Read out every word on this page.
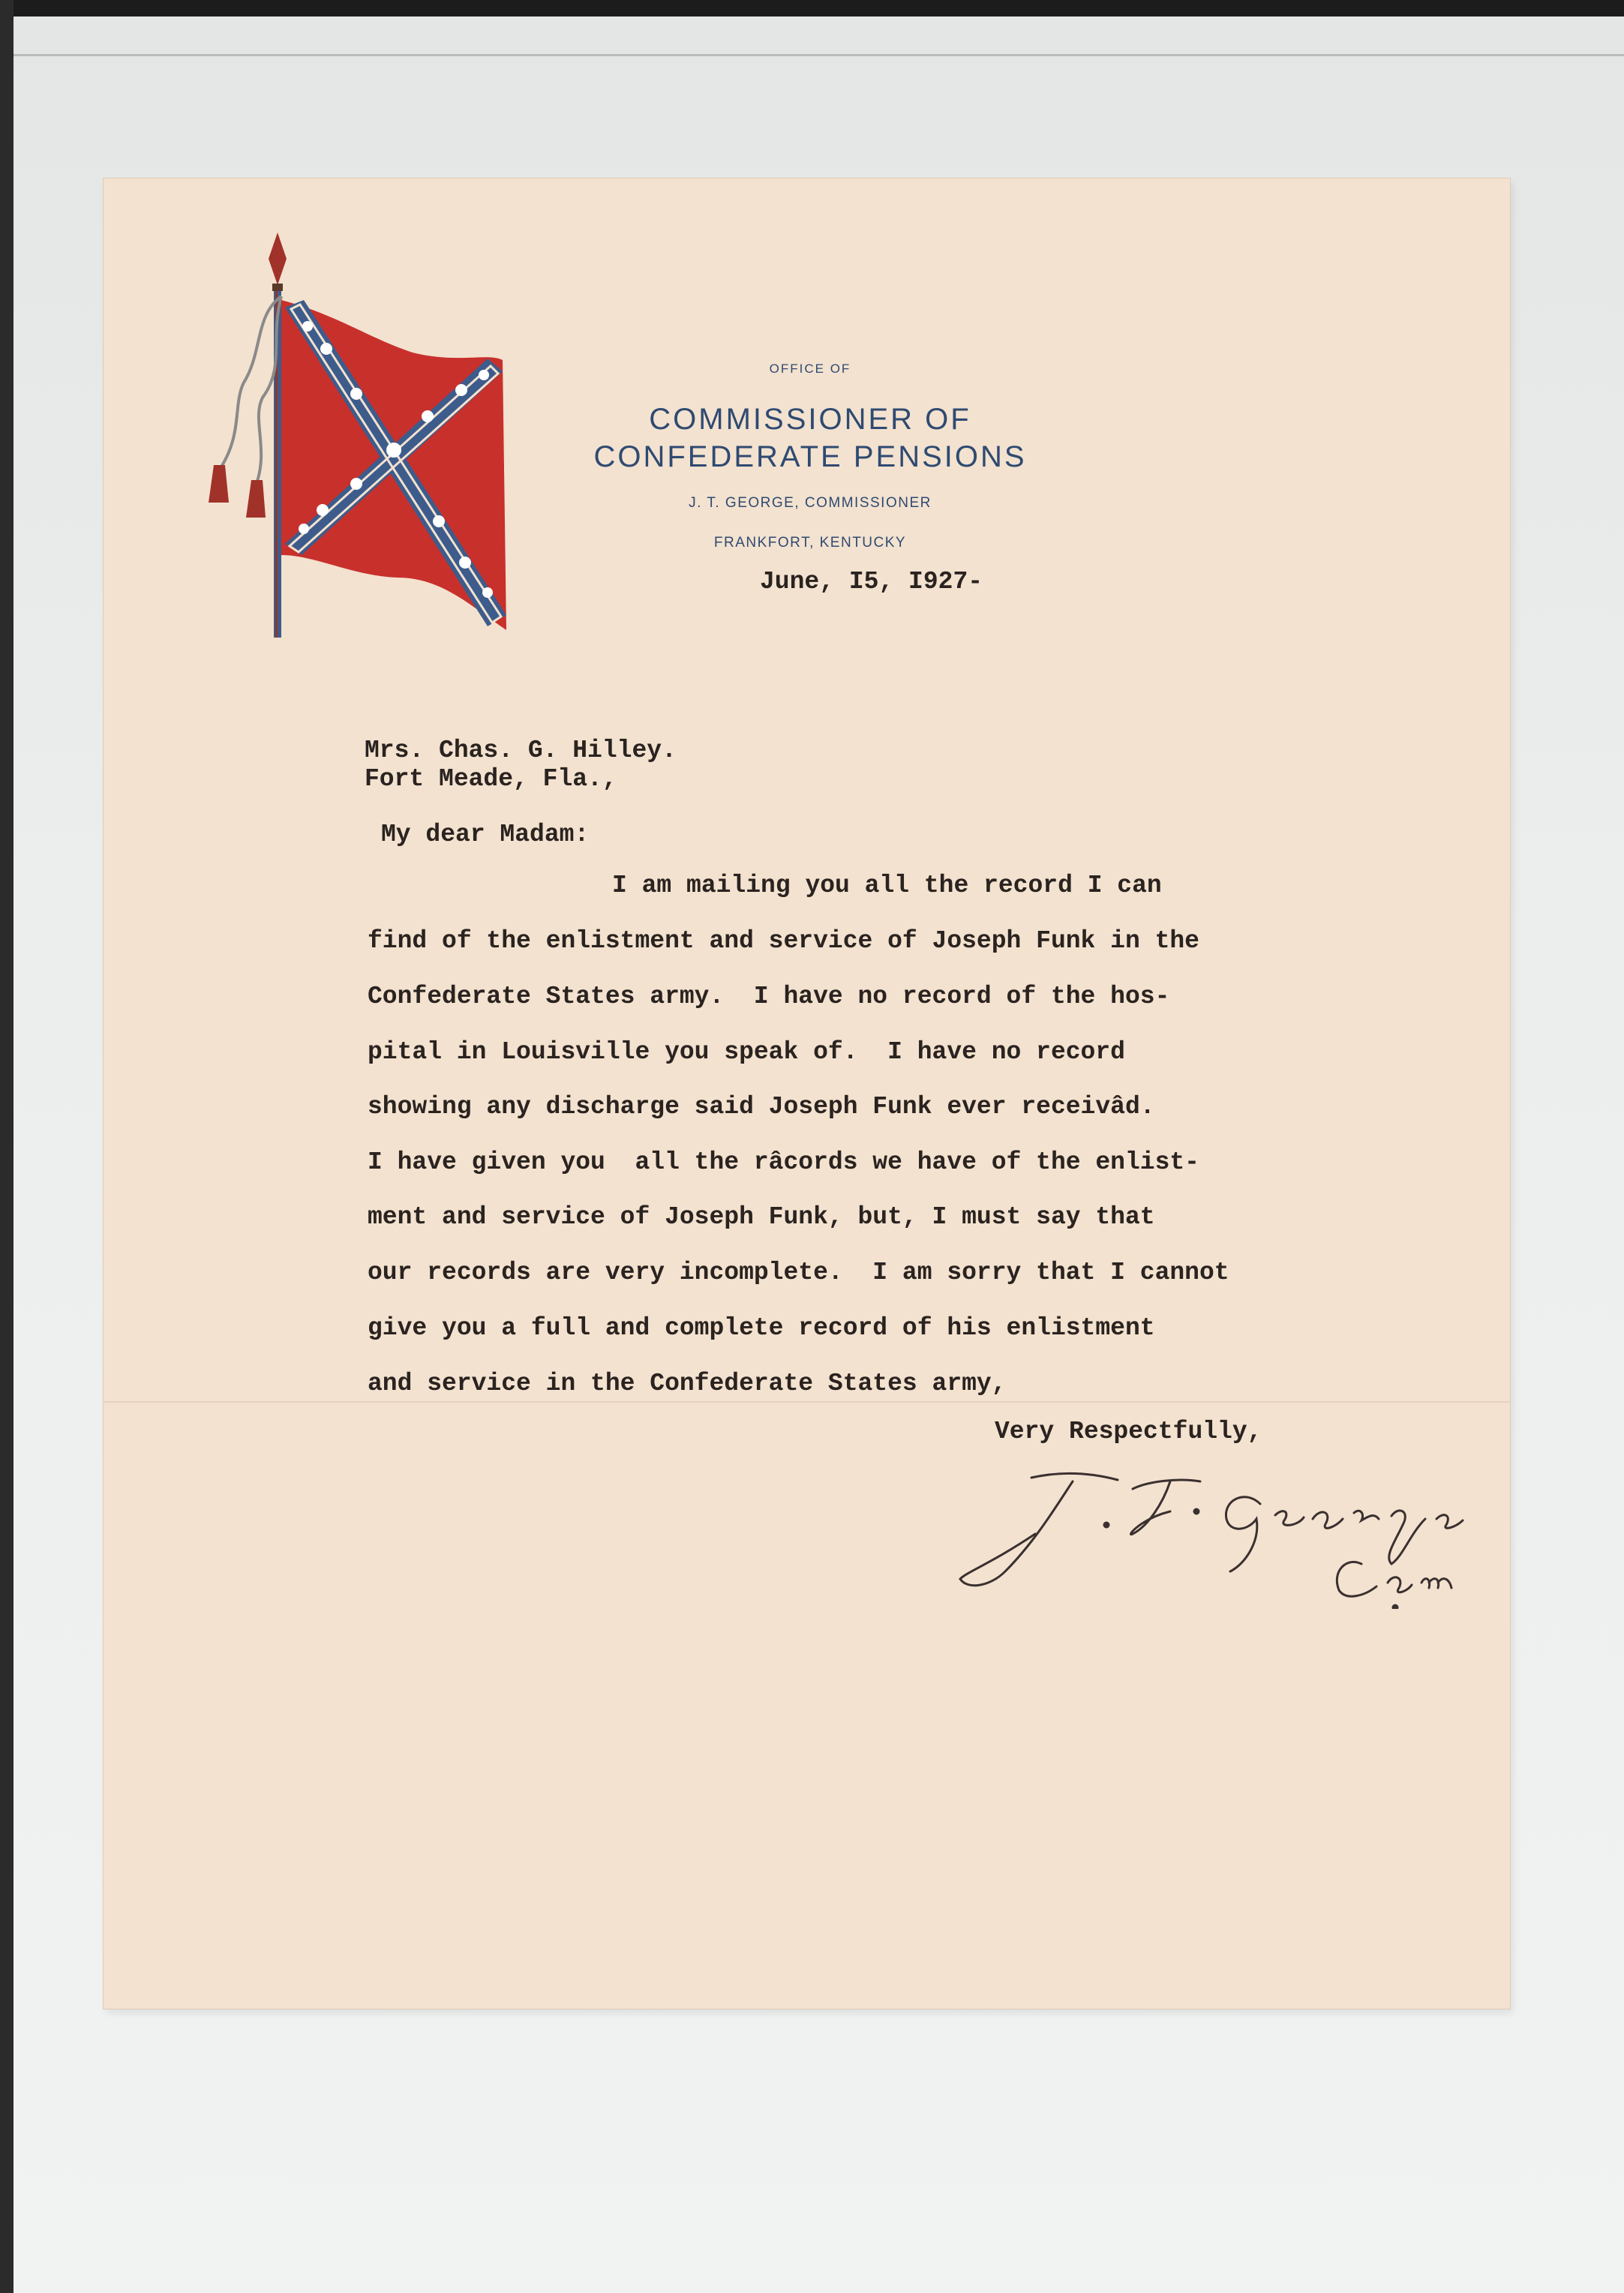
OFFICE OF
COMMISSIONER OF
CONFEDERATE PENSIONS
J. T. GEORGE, COMMISSIONER
FRANKFORT, KENTUCKY
June, I5, I927-
Mrs. Chas. G. Hilley.
Fort Meade, Fla.,
My dear Madam:
I am mailing you all the record I can
find of the enlistment and service of Joseph Funk in the
Confederate States army.  I have no record of the hos-
pital in Louisville you speak of.  I have no record
showing any discharge said Joseph Funk ever receivâd.
I have given you  all the râcords we have of the enlist-
ment and service of Joseph Funk, but, I must say that
our records are very incomplete.  I am sorry that I cannot
give you a full and complete record of his enlistment
and service in the Confederate States army,
Very Respectfully,
